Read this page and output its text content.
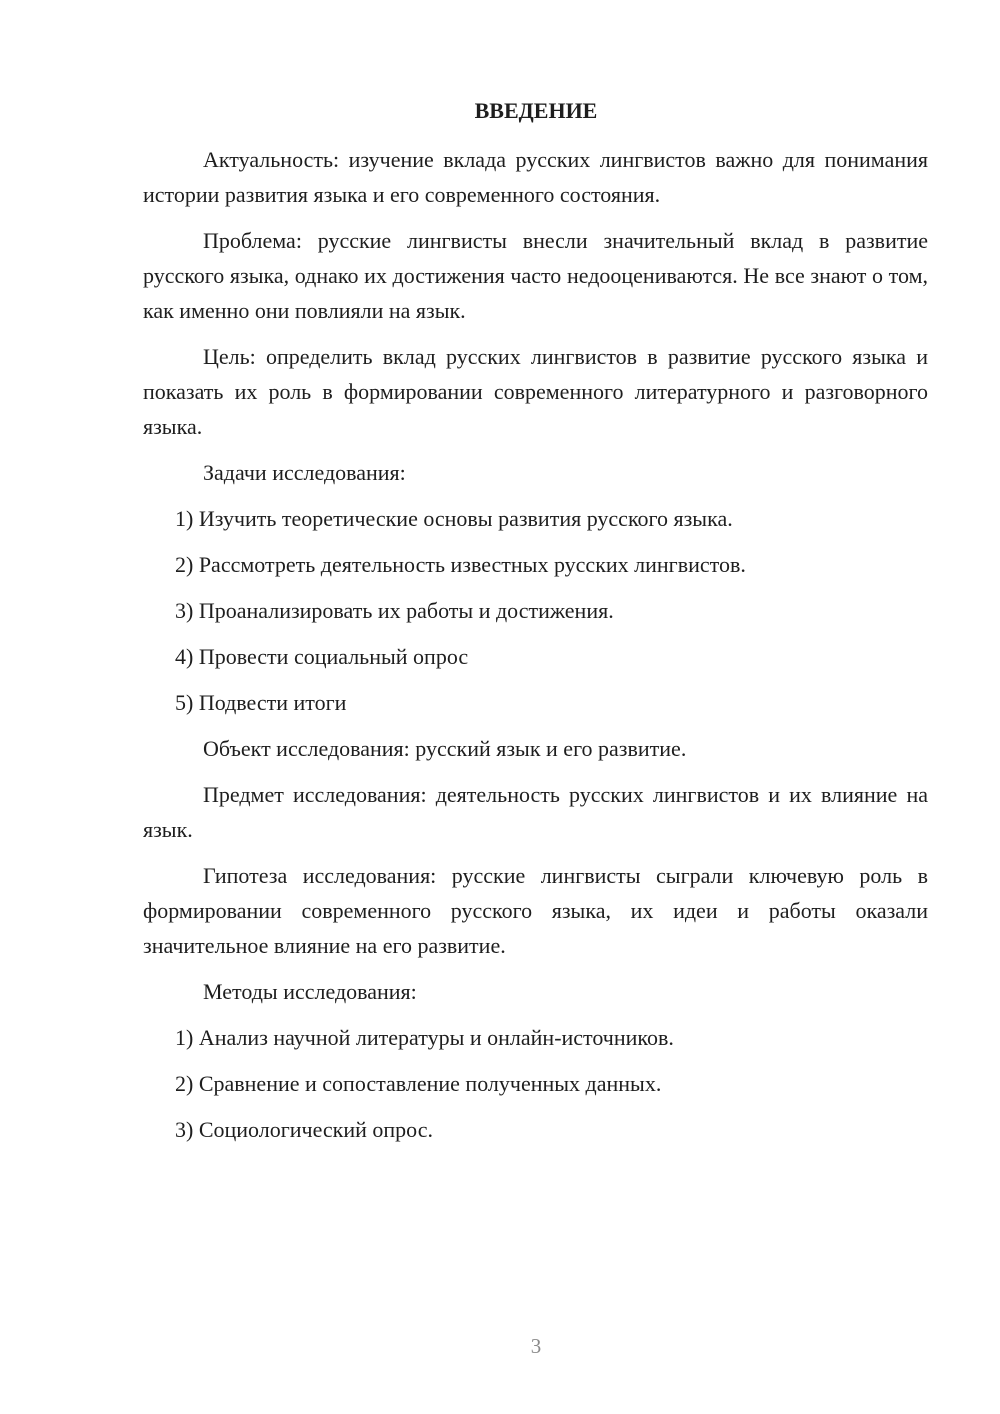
ВВЕДЕНИЕ

Актуальность: изучение вклада русских лингвистов важно для понимания истории развития языка и его современного состояния.

Проблема: русские лингвисты внесли значительный вклад в развитие русского языка, однако их достижения часто недооцениваются. Не все знают о том, как именно они повлияли на язык.

Цель: определить вклад русских лингвистов в развитие русского языка и показать их роль в формировании современного литературного и разговорного языка.

Задачи исследования:

1) Изучить теоретические основы развития русского языка.

2) Рассмотреть деятельность известных русских лингвистов.

3) Проанализировать их работы и достижения.

4) Провести социальный опрос

5) Подвести итоги

Объект исследования: русский язык и его развитие.

Предмет исследования: деятельность русских лингвистов и их влияние на язык.

Гипотеза исследования: русские лингвисты сыграли ключевую роль в формировании современного русского языка, их идеи и работы оказали значительное влияние на его развитие.

Методы исследования:

1) Анализ научной литературы и онлайн-источников.

2) Сравнение и сопоставление полученных данных.

3) Социологический опрос.

3
